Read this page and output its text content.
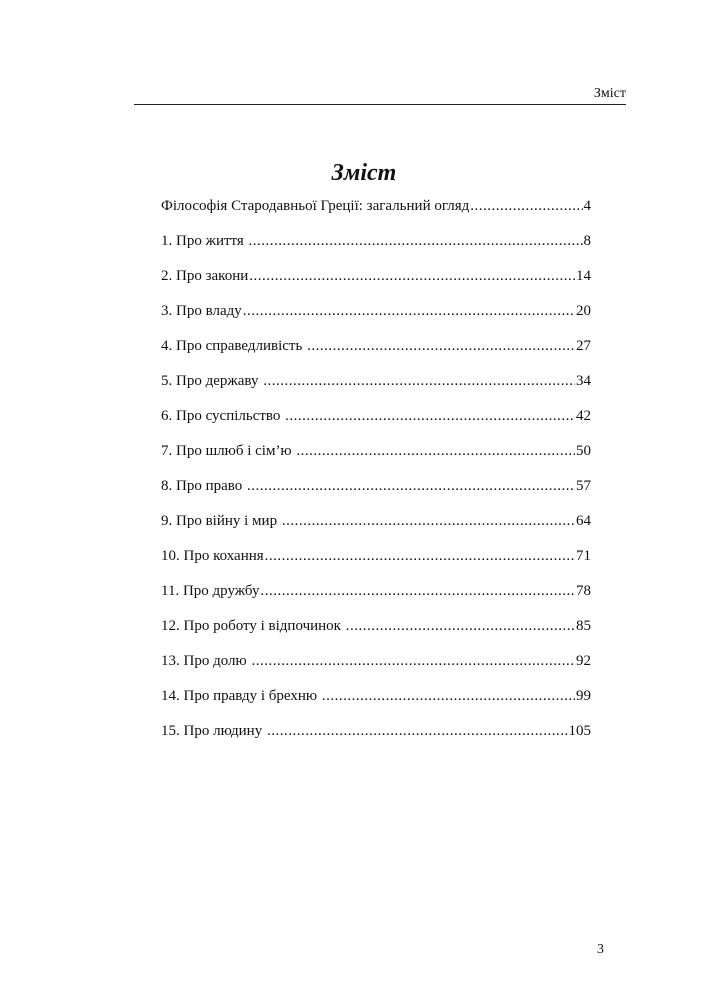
Зміст
Зміст
Філософія Стародавньої Греції: загальний огляд .....	4
1. Про життя .....	8
2. Про закони .....	14
3. Про владу .....	20
4. Про справедливість .....	27
5. Про державу .....	34
6. Про суспільство .....	42
7. Про шлюб і сім’ю .....	50
8. Про право .....	57
9. Про війну і мир .....	64
10. Про кохання .....	71
11. Про дружбу .....	78
12. Про роботу і відпочинок .....	85
13. Про долю .....	92
14. Про правду і брехню .....	99
15. Про людину .....	105
3
